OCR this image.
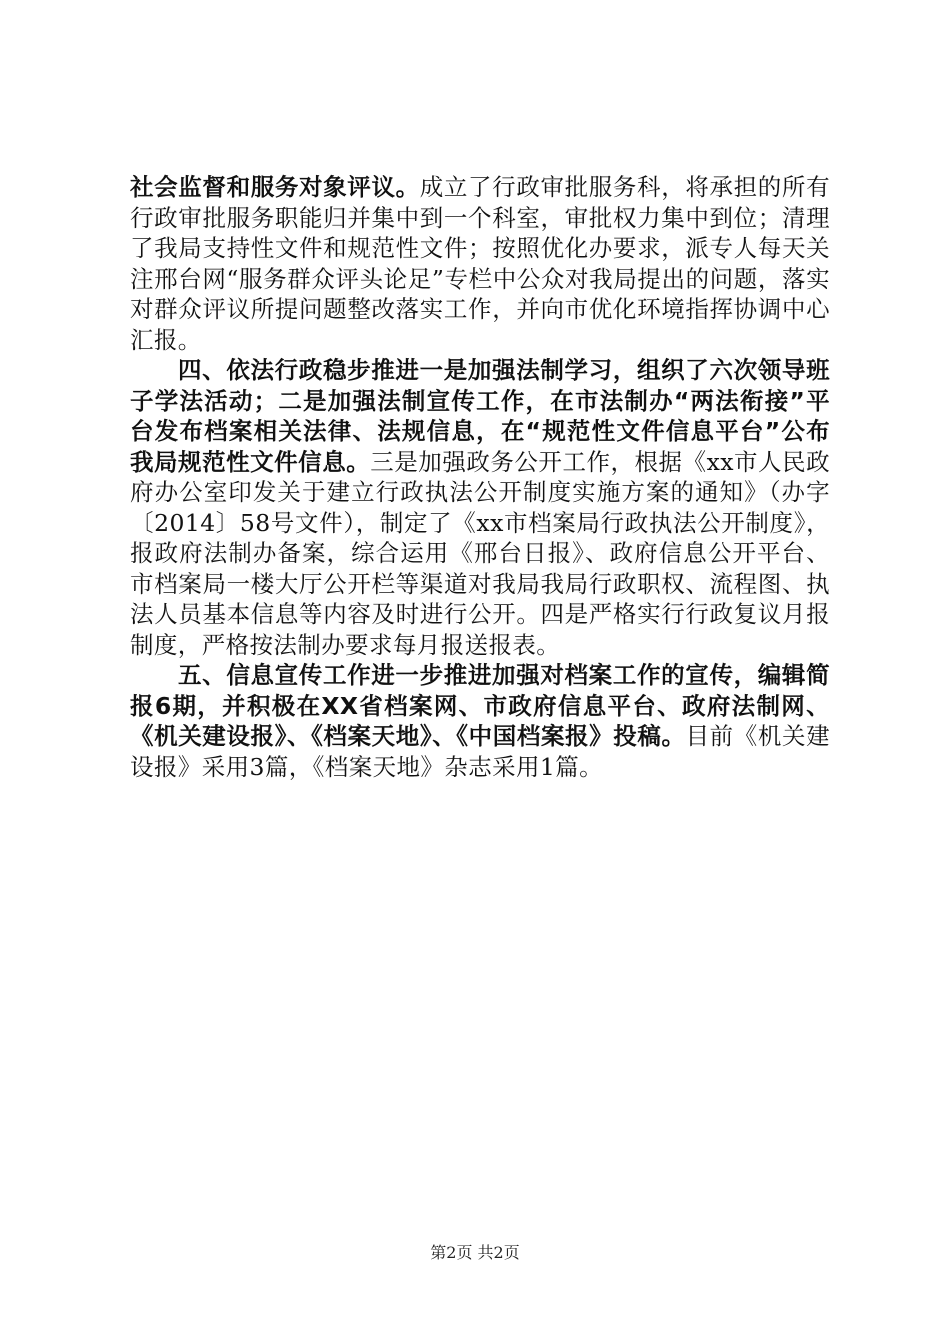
社会监督和服务对象评议。成立了行政审批服务科，将承担的所有行政审批服务职能归并集中到一个科室，审批权力集中到位；清理了我局支持性文件和规范性文件；按照优化办要求，派专人每天关注邢台网“服务群众评头论足”专栏中公众对我局提出的问题，落实对群众评议所提问题整改落实工作，并向市优化环境指挥协调中心汇报。

四、依法行政稳步推进一是加强法制学习，组织了六次领导班子学法活动；二是加强法制宣传工作，在市法制办“两法衔接”平台发布档案相关法律、法规信息，在“规范性文件信息平台”公布我局规范性文件信息。三是加强政务公开工作，根据《xx市人民政府办公室印发关于建立行政执法公开制度实施方案的通知》（办字〔2014〕58号文件），制定了《xx市档案局行政执法公开制度》，报政府法制办备案，综合运用《邢台日报》、政府信息公开平台、市档案局一楼大厅公开栏等渠道对我局我局行政职权、流程图、执法人员基本信息等内容及时进行公开。四是严格实行行政复议月报制度，严格按法制办要求每月报送报表。

五、信息宣传工作进一步推进加强对档案工作的宣传，编辑简报6期，并积极在XX省档案网、市政府信息平台、政府法制网、《机关建设报》、《档案天地》、《中国档案报》投稿。目前《机关建设报》采用3篇，《档案天地》杂志采用1篇。

第2页 共2页
